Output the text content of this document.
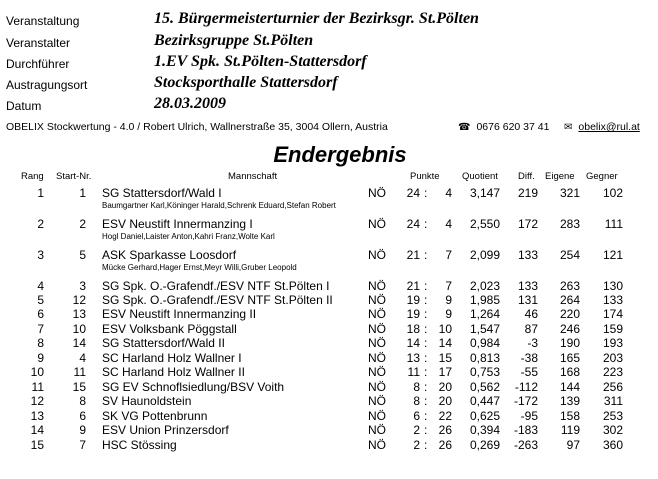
Veranstaltung	15. Bürgermeisterturnier der Bezirksgr. St.Pölten
Veranstalter	Bezirksgruppe St.Pölten
Durchführer	1.EV Spk. St.Pölten-Stattersdorf
Austragungsort	Stocksporthalle Stattersdorf
Datum	28.03.2009
OBELIX Stockwertung - 4.0 / Robert Ulrich, Wallnerstraße 35, 3004 Ollern, Austria	☎ 0676 620 37 41 ✉ obelix@rul.at
Endergebnis
Rang Start-Nr.	Mannschaft	Punkte Quotient Diff. Eigene Gegner
1	1 SG Stattersdorf/Wald I	NÖ	24 :	4	3,147	219	321	102
Baumgartner Karl,Köninger Harald,Schrenk Eduard,Stefan Robert
2	2 ESV Neustift Innermanzing I	NÖ	24 :	4	2,550	172	283	111
Hogl Daniel,Laister Anton,Kahri Franz,Wolte Karl
3	5 ASK Sparkasse Loosdorf	NÖ	21 :	7	2,099	133	254	121
Mücke Gerhard,Hager Ernst,Meyr Willi,Gruber Leopold
4	3 SG Spk. O.-Grafendf./ESV NTF St.Pölten I	NÖ	21 :	7	2,023	133	263	130
5	12 SG Spk. O.-Grafendf./ESV NTF St.Pölten II	NÖ	19 :	9	1,985	131	264	133
6	13 ESV Neustift Innermanzing II	NÖ	19 :	9	1,264	46	220	174
7	10 ESV Volksbank Pöggstall	NÖ	18 : 10	1,547	87	246	159
8	14 SG Stattersdorf/Wald II	NÖ	14 : 14	0,984	-3	190	193
9	4 SC Harland Holz Wallner I	NÖ	13 : 15	0,813	-38	165	203
10	11 SC Harland Holz Wallner II	NÖ	11 : 17	0,753	-55	168	223
11	15 SG EV Schnoflsiedlung/BSV Voith	NÖ	8 : 20	0,562	-112	144	256
12	8 SV Haunoldstein	NÖ	8 : 20	0,447	-172	139	311
13	6 SK VG Pottenbrunn	NÖ	6 : 22	0,625	-95	158	253
14	9 ESV Union Prinzersdorf	NÖ	2 : 26	0,394	-183	119	302
15	7 HSC Stössing	NÖ	2 : 26	0,269	-263	97	360
